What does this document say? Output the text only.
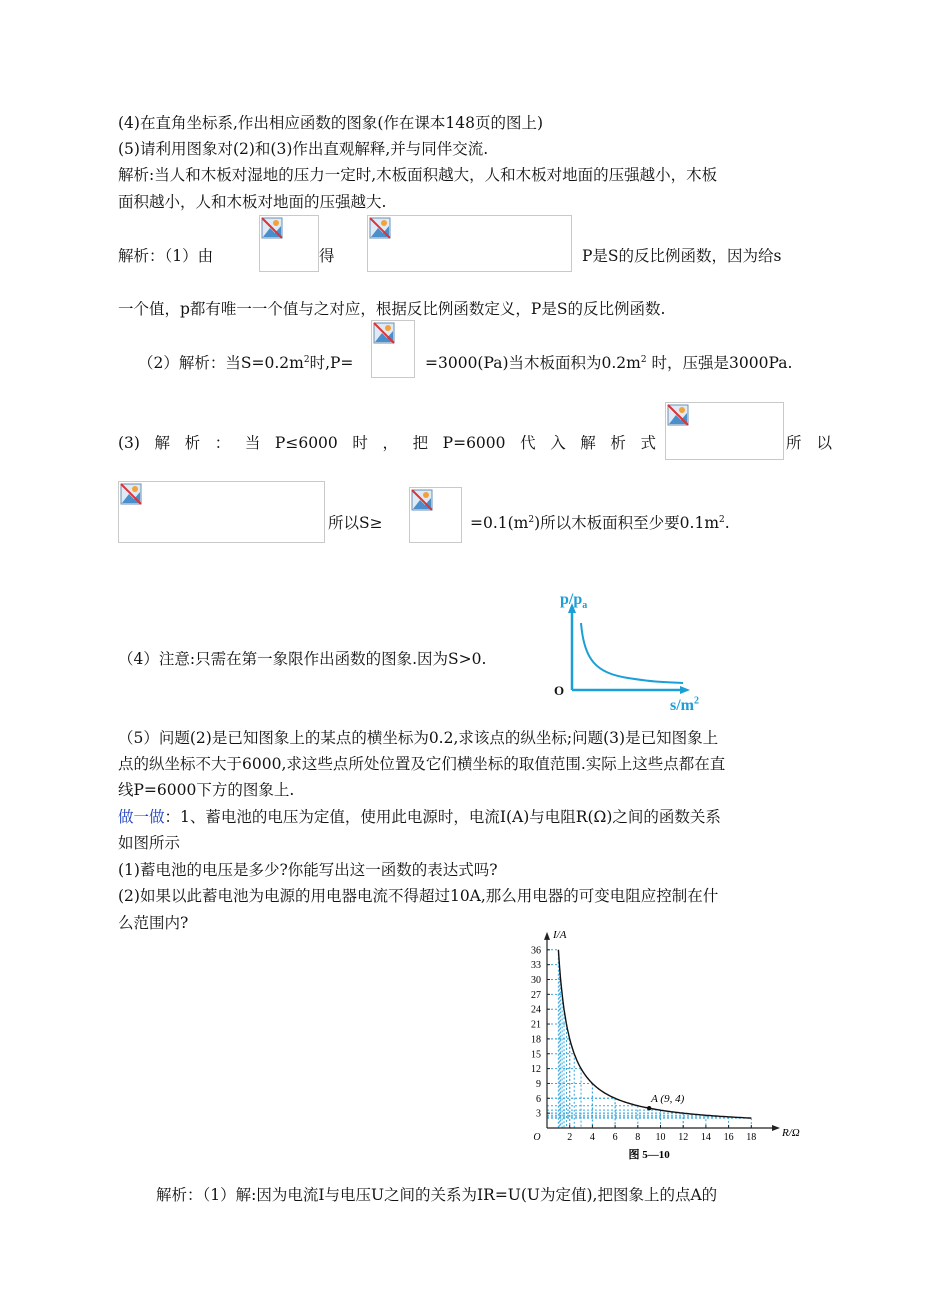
(4)在直角坐标系,作出相应函数的图象(作在课本148页的图上)
(5)请利用图象对(2)和(3)作出直观解释,并与同伴交流.
解析:当人和木板对湿地的压力一定时,木板面积越大，人和木板对地面的压强越小，木板
面积越小，人和木板对地面的压强越大.
解析：（1）由	得	P是S的反比例函数，因为给s
一个值，p都有唯一一个值与之对应，根据反比例函数定义，P是S的反比例函数.
（2）解析：当$S=0.2m^2$时,P=	=3000(Pa)当木板面积为$0.2m^2$ 时，压强是3000Pa.
(3) 解 析 ： 当 P≤6000 时 ， 把 P=6000 代 入 解 析 式	所 以
所以S≥	$=0.1(m^2)$所以木板面积至少要$0.1m^2$.
$p/p_a$
O
$s/m^2$
（4）注意:只需在第一象限作出函数的图象.因为S>0.
（5）问题(2)是已知图象上的某点的横坐标为0.2,求该点的纵坐标;问题(3)是已知图象上
点的纵坐标不大于6000,求这些点所处位置及它们横坐标的取值范围.实际上这些点都在直
线P=6000下方的图象上.
做一做：1、蓄电池的电压为定值，使用此电源时，电流I(A)与电阻R(Ω)之间的函数关系
如图所示
(1)蓄电池的电压是多少?你能写出这一函数的表达式吗?
(2)如果以此蓄电池为电源的用电器电流不得超过10A,那么用电器的可变电阻应控制在什
么范围内?
3
6
9
12
15
18
21
24
27
30
33
36
2 4 6 8 10 12 14 16 18
O
I/A
R/Ω
A (9, 4)
图 5—10
解析：（1）解:因为电流I与电压U之间的关系为IR=U(U为定值),把图象上的点A的
